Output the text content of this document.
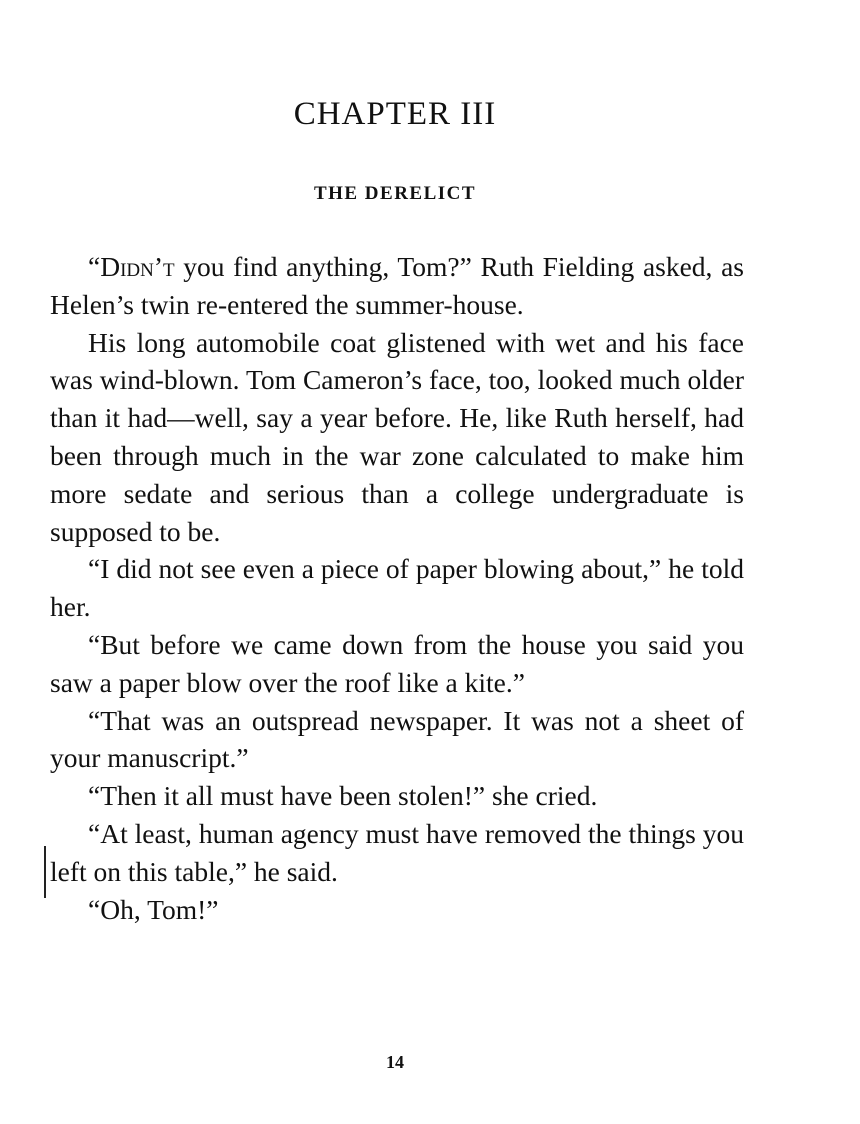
CHAPTER III
THE DERELICT

“Didn’t you find anything, Tom?” Ruth Fielding asked, as Helen’s twin re-entered the summer-house.

His long automobile coat glistened with wet and his face was wind-blown. Tom Cameron’s face, too, looked much older than it had—well, say a year before. He, like Ruth herself, had been through much in the war zone calculated to make him more sedate and serious than a college undergraduate is supposed to be.

“I did not see even a piece of paper blowing about,” he told her.

“But before we came down from the house you said you saw a paper blow over the roof like a kite.”

“That was an outspread newspaper. It was not a sheet of your manuscript.”

“Then it all must have been stolen!” she cried.

“At least, human agency must have removed the things you left on this table,” he said.

“Oh, Tom!”

14
